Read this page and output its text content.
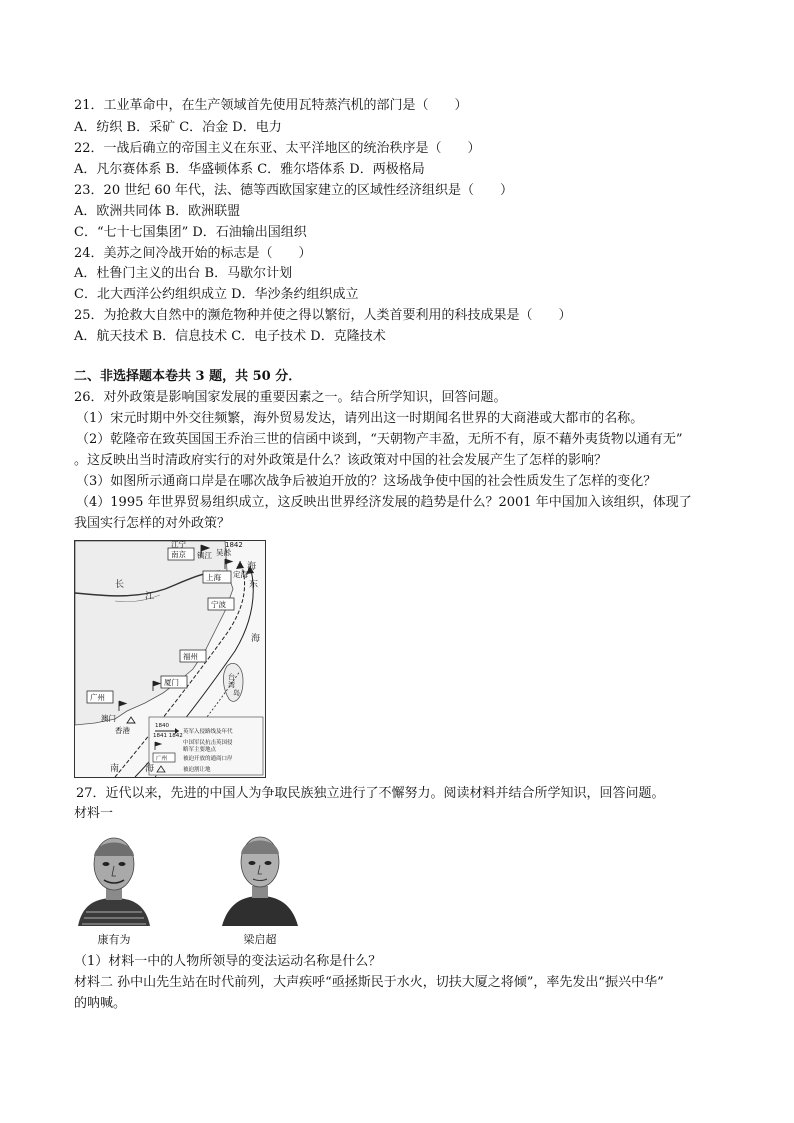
21．工业革命中，在生产领域首先使用瓦特蒸汽机的部门是（　　）
A．纺织 B．采矿 C．冶金 D．电力
22．一战后确立的帝国主义在东亚、太平洋地区的统治秩序是（　　）
A．凡尔赛体系 B．华盛顿体系 C．雅尔塔体系 D．两极格局
23．20 世纪 60 年代，法、德等西欧国家建立的区域性经济组织是（　　）
A．欧洲共同体 B．欧洲联盟
C．“七十七国集团” D．石油输出国组织
24．美苏之间冷战开始的标志是（　　）
A．杜鲁门主义的出台 B．马歇尔计划
C．北大西洋公约组织成立 D．华沙条约组织成立
25．为抢救大自然中的濒危物种并使之得以繁衍，人类首要利用的科技成果是（　　）
A．航天技术 B．信息技术 C．电子技术 D．克隆技术
二、非选择题本卷共 3 题，共 50 分．
26．对外政策是影响国家发展的重要因素之一。结合所学知识，回答问题。
（1）宋元时期中外交往频繁，海外贸易发达，请列出这一时期闻名世界的大商港或大都市的名称。
（2）乾隆帝在致英国国王乔治三世的信函中谈到，“天朝物产丰盈，无所不有，原不藉外夷货物以通有无”
。这反映出当时清政府实行的对外政策是什么？该政策对中国的社会发展产生了怎样的影响？
（3）如图所示通商口岸是在哪次战争后被迫开放的？这场战争使中国的社会性质发生了怎样的变化？
（4）1995 年世界贸易组织成立，这反映出世界经济发展的趋势是什么？2001 年中国加入该组织，体现了
我国实行怎样的对外政策？
江宁
南京 镇江 吴淞
上海 定海
宁波
福州
厦门
广州
澳门
香港
1842
长
江
东
海
海
台
湾
岛
南	海
1840
1841 1842
英军入侵路线及年代
中国军民抗击英国侵
略军主要地点
广州	被迫开放的通商口岸
被迫割让地
27．近代以来，先进的中国人为争取民族独立进行了不懈努力。阅读材料并结合所学知识，回答问题。
材料一
康有为	梁启超
（1）材料一中的人物所领导的变法运动名称是什么？
材料二 孙中山先生站在时代前列，大声疾呼“亟拯斯民于水火，切扶大厦之将倾”，率先发出“振兴中华”
的呐喊。
